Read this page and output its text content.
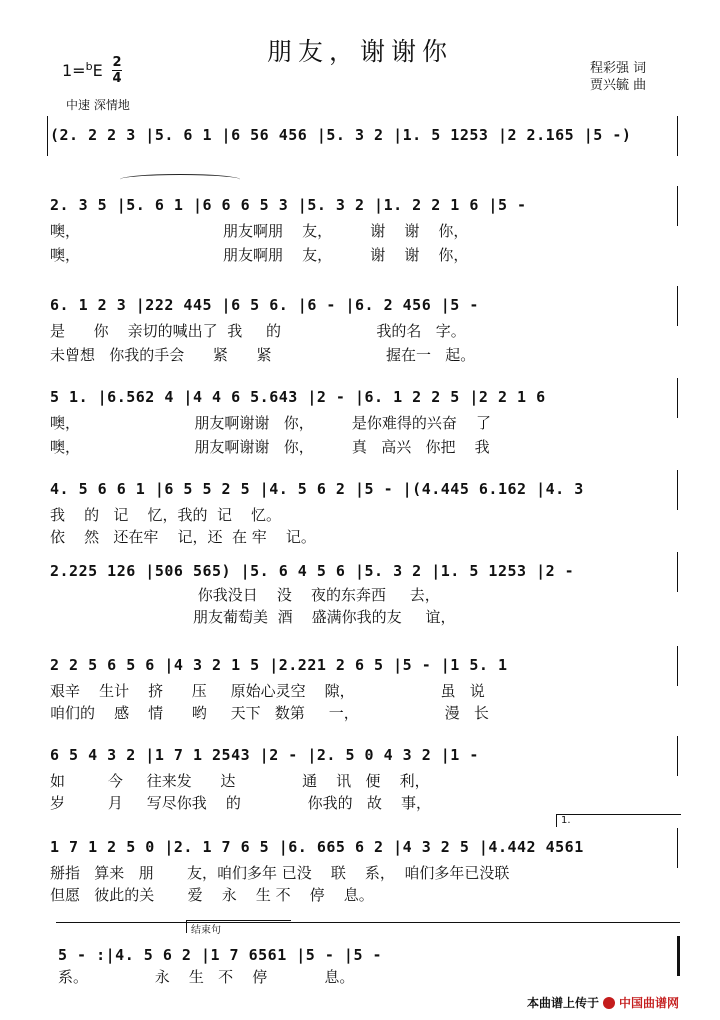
朋友，谢谢你
1=$^b$E 2
4
中速 深情地
程彩强 词
贾兴毓 曲
(2. 2 2 3 |5. 6 1 |6 56 456 |5. 3 2 |1. 5 1253 |2 2.165 |5 -)
2. 3 5 |5. 6 1 |6 6 6 5 3 |5. 3 2 |1. 2 2 1 6 |5 -
噢，                              朋友啊朋    友，        谢    谢    你，
噢，                              朋友啊朋    友，        谢    谢    你，
6. 1 2 3 |222 445 |6 5 6. |6 - |6. 2 456 |5 -
是      你    亲切的喊出了  我     的                    我的名   字。
未曾想   你我的手会      紧      紧                        握在一   起。
5 1. |6.562 4 |4 4 6 5.643 |2 - |6. 1 2 2 5 |2 2 1 6
噢，                        朋友啊谢谢   你，        是你难得的兴奋    了
噢，                        朋友啊谢谢   你，        真   高兴   你把    我
4. 5 6 6 1 |6 5 5 2 5 |4. 5 6 2 |5 - |(4.445 6.162 |4. 3
我    的   记    忆，我的  记    忆。
依    然   还在牢    记，还  在 牢    记。
2.225 126 |506 565) |5. 6 4 5 6 |5. 3 2 |1. 5 1253 |2 -
你我没日    没    夜的东奔西     去，
朋友葡萄美  酒    盛满你我的友     谊，
2 2 5 6 5 6 |4 3 2 1 5 |2.221 2 6 5 |5 - |1 5. 1
艰辛    生计    挤      压     原始心灵空    隙，                  虽   说
咱们的    感    情      哟     天下   数第     一，                  漫   长
6 5 4 3 2 |1 7 1 2543 |2 - |2. 5 0 4 3 2 |1 -
如         今     往来发      达              通    讯   便    利，
岁         月     写尽你我    的              你我的   故    事，
1.
1 7 1 2 5 0 |2. 1 7 6 5 |6. 665 6 2 |4 3 2 5 |4.442 4561
掰指   算来   朋       友，咱们多年 已没    联    系，  咱们多年已没联
但愿   彼此的关       爱    永    生 不    停    息。
结束句
5 - :|4. 5 6 2 |1 7 6561 |5 - |5 -
系。              永    生   不    停            息。
本曲谱上传于 中国曲谱网
